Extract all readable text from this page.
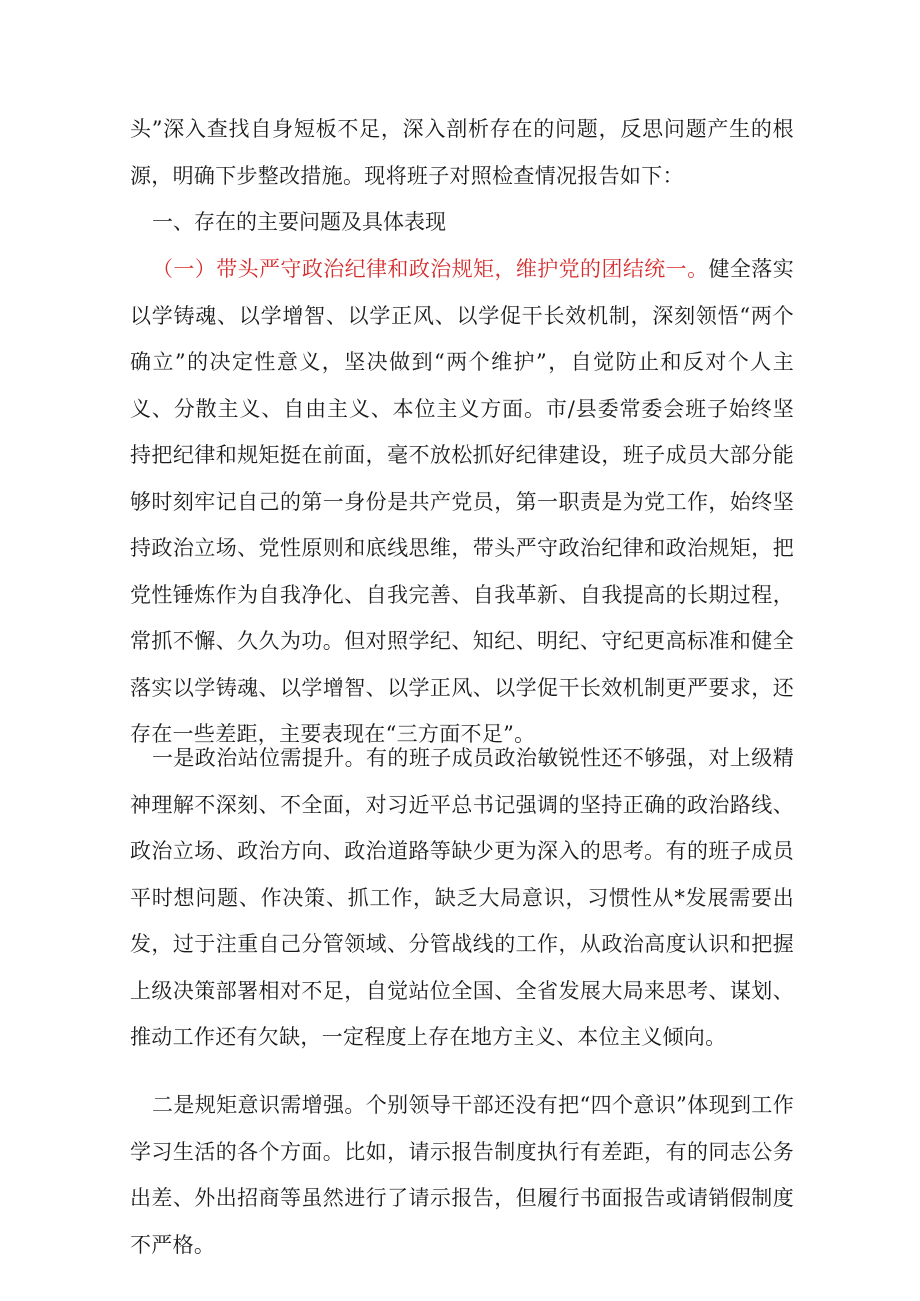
头”深入查找自身短板不足，深入剖析存在的问题，反思问题产生的根源，明确下步整改措施。现将班子对照检查情况报告如下：

一、存在的主要问题及具体表现

（一）带头严守政治纪律和政治规矩，维护党的团结统一。健全落实以学铸魂、以学增智、以学正风、以学促干长效机制，深刻领悟“两个确立”的决定性意义，坚决做到“两个维护”，自觉防止和反对个人主义、分散主义、自由主义、本位主义方面。市/县委常委会班子始终坚持把纪律和规矩挺在前面，毫不放松抓好纪律建设，班子成员大部分能够时刻牢记自己的第一身份是共产党员，第一职责是为党工作，始终坚持政治立场、党性原则和底线思维，带头严守政治纪律和政治规矩，把党性锤炼作为自我净化、自我完善、自我革新、自我提高的长期过程，常抓不懈、久久为功。但对照学纪、知纪、明纪、守纪更高标准和健全落实以学铸魂、以学增智、以学正风、以学促干长效机制更严要求，还存在一些差距，主要表现在“三方面不足”。

一是政治站位需提升。有的班子成员政治敏锐性还不够强，对上级精神理解不深刻、不全面，对习近平总书记强调的坚持正确的政治路线、政治立场、政治方向、政治道路等缺少更为深入的思考。有的班子成员平时想问题、作决策、抓工作，缺乏大局意识，习惯性从*发展需要出发，过于注重自己分管领域、分管战线的工作，从政治高度认识和把握上级决策部署相对不足，自觉站位全国、全省发展大局来思考、谋划、推动工作还有欠缺，一定程度上存在地方主义、本位主义倾向。

二是规矩意识需增强。个别领导干部还没有把“四个意识”体现到工作学习生活的各个方面。比如，请示报告制度执行有差距，有的同志公务出差、外出招商等虽然进行了请示报告，但履行书面报告或请销假制度不严格。
